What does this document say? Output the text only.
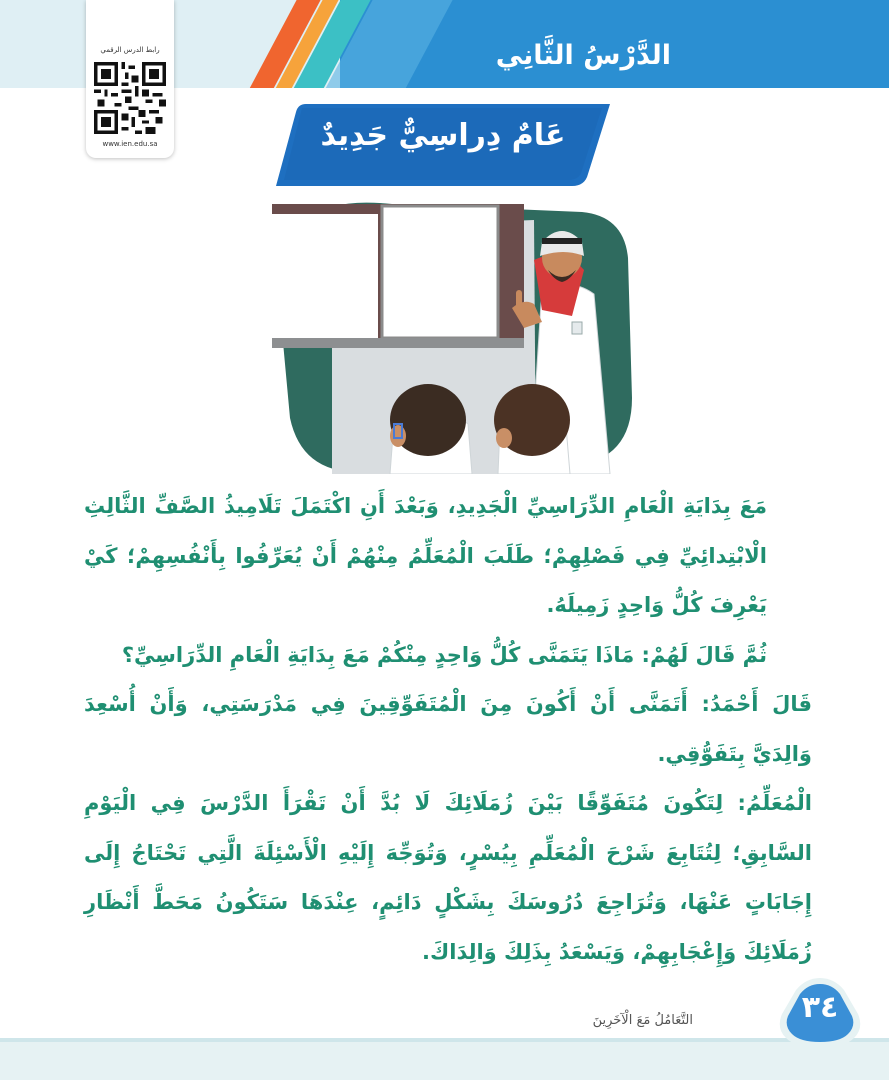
الدَّرْسُ الثَّانِي
رابط الدرس الرقمي
www.ien.edu.sa	عَامٌ دِراسِيٌّ جَدِيدٌ

مَعَ بِدَايَةِ الْعَامِ الدِّرَاسِيِّ الْجَدِيدِ، وَبَعْدَ أَنِ اكْتَمَلَ تَلَامِيذُ الصَّفِّ الثَّالِثِ الْابْتِدائِيِّ فِي فَصْلِهِمْ؛ طَلَبَ الْمُعَلِّمُ مِنْهُمْ أَنْ يُعَرِّفُوا بِأَنْفُسِهِمْ؛ كَيْ يَعْرِفَ كُلُّ وَاحِدٍ زَمِيلَهُ.

ثُمَّ قَالَ لَهُمْ: مَاذَا يَتَمَنَّى كُلُّ وَاحِدٍ مِنْكُمْ مَعَ بِدَايَةِ الْعَامِ الدِّرَاسِيِّ؟

قَالَ أَحْمَدُ: أَتَمَنَّى أَنْ أَكُونَ مِنَ الْمُتَفَوِّقِينَ فِي مَدْرَسَتِي، وَأَنْ أُسْعِدَ وَالِدَيَّ بِتَفَوُّقِي.

الْمُعَلِّمُ: لِتَكُونَ مُتَفَوِّقًا بَيْنَ زُمَلَائِكَ لَا بُدَّ أَنْ تَقْرَأَ الدَّرْسَ فِي الْيَوْمِ السَّابِقِ؛ لِتُتَابِعَ شَرْحَ الْمُعَلِّمِ بِيُسْرٍ، وَتُوَجِّهَ إِلَيْهِ الْأَسْئِلَةَ الَّتِي تَحْتَاجُ إِلَى إِجَابَاتٍ عَنْهَا، وَتُرَاجِعَ دُرُوسَكَ بِشَكْلٍ دَائِمٍ، عِنْدَهَا سَتَكُونُ مَحَطَّ أَنْظَارِ زُمَلَائِكَ وَإِعْجَابِهِمْ، وَيَسْعَدُ بِذَلِكَ وَالِدَاكَ.

التَّعَامُلُ مَعَ الْآخَرِينَ	٣٤
